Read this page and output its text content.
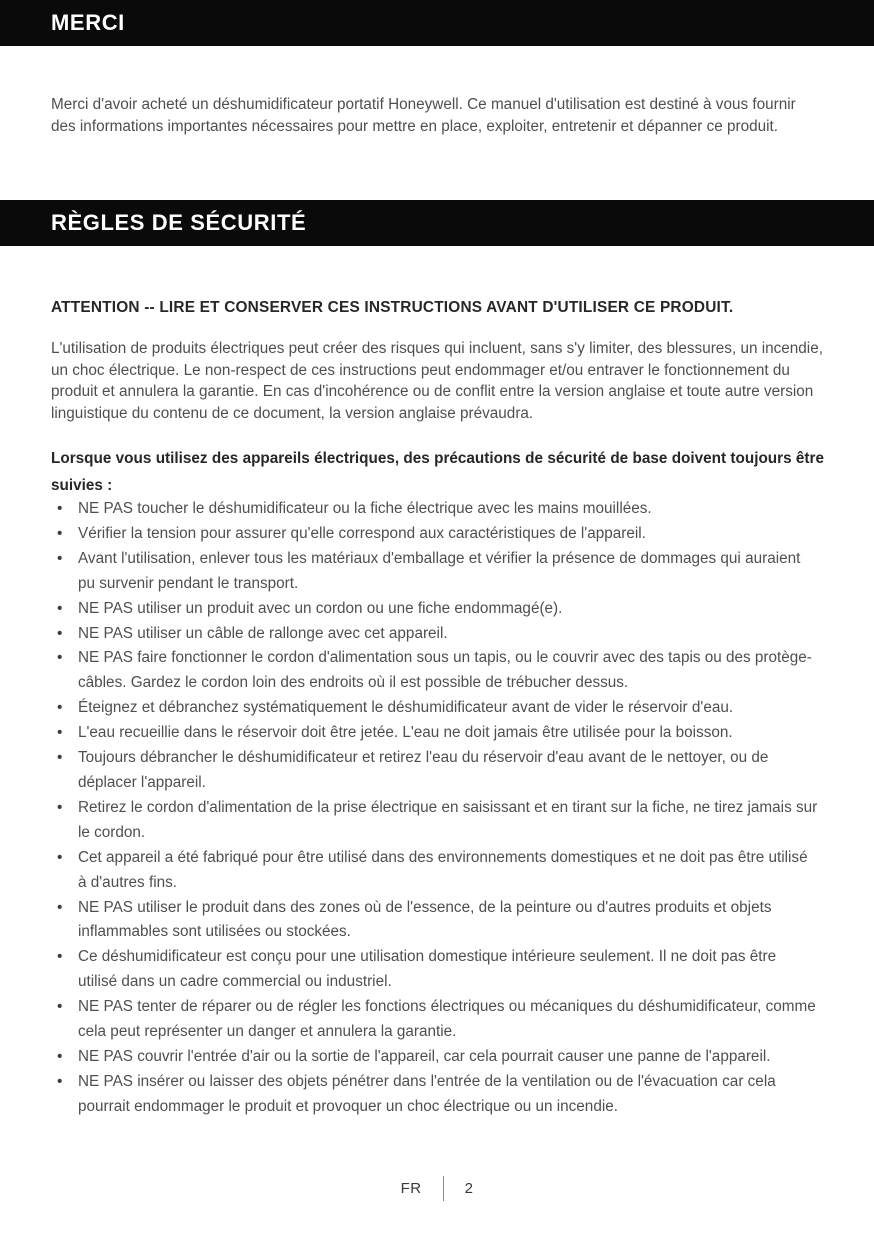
MERCI

Merci d'avoir acheté un déshumidificateur portatif Honeywell. Ce manuel d'utilisation est destiné à vous fournir des informations importantes nécessaires pour mettre en place, exploiter, entretenir et dépanner ce produit.

RÈGLES DE SÉCURITÉ

ATTENTION -- LIRE ET CONSERVER CES INSTRUCTIONS AVANT D'UTILISER CE PRODUIT.

L'utilisation de produits électriques peut créer des risques qui incluent, sans s'y limiter, des blessures, un incendie, un choc électrique. Le non-respect de ces instructions peut endommager et/ou entraver le fonctionnement du produit et annulera la garantie. En cas d'incohérence ou de conflit entre la version anglaise et toute autre version linguistique du contenu de ce document, la version anglaise prévaudra.

Lorsque vous utilisez des appareils électriques, des précautions de sécurité de base doivent toujours être suivies :

• NE PAS toucher le déshumidificateur ou la fiche électrique avec les mains mouillées.
• Vérifier la tension pour assurer qu'elle correspond aux caractéristiques de l'appareil.
• Avant l'utilisation, enlever tous les matériaux d'emballage et vérifier la présence de dommages qui auraient pu survenir pendant le transport.
• NE PAS utiliser un produit avec un cordon ou une fiche endommagé(e).
• NE PAS utiliser un câble de rallonge avec cet appareil.
• NE PAS faire fonctionner le cordon d'alimentation sous un tapis, ou le couvrir avec des tapis ou des protège-câbles. Gardez le cordon loin des endroits où il est possible de trébucher dessus.
• Éteignez et débranchez systématiquement le déshumidificateur avant de vider le réservoir d'eau.
• L'eau recueillie dans le réservoir doit être jetée. L'eau ne doit jamais être utilisée pour la boisson.
• Toujours débrancher le déshumidificateur et retirez l'eau du réservoir d'eau avant de le nettoyer, ou de déplacer l'appareil.
• Retirez le cordon d'alimentation de la prise électrique en saisissant et en tirant sur la fiche, ne tirez jamais sur le cordon.
• Cet appareil a été fabriqué pour être utilisé dans des environnements domestiques et ne doit pas être utilisé à d'autres fins.
• NE PAS utiliser le produit dans des zones où de l'essence, de la peinture ou d'autres produits et objets inflammables sont utilisées ou stockées.
• Ce déshumidificateur est conçu pour une utilisation domestique intérieure seulement. Il ne doit pas être utilisé dans un cadre commercial ou industriel.
• NE PAS tenter de réparer ou de régler les fonctions électriques ou mécaniques du déshumidificateur, comme cela peut représenter un danger et annulera la garantie.
• NE PAS couvrir l'entrée d'air ou la sortie de l'appareil, car cela pourrait causer une panne de l'appareil.
• NE PAS insérer ou laisser des objets pénétrer dans l'entrée de la ventilation ou de l'évacuation car cela pourrait endommager le produit et provoquer un choc électrique ou un incendie.
FR	2
